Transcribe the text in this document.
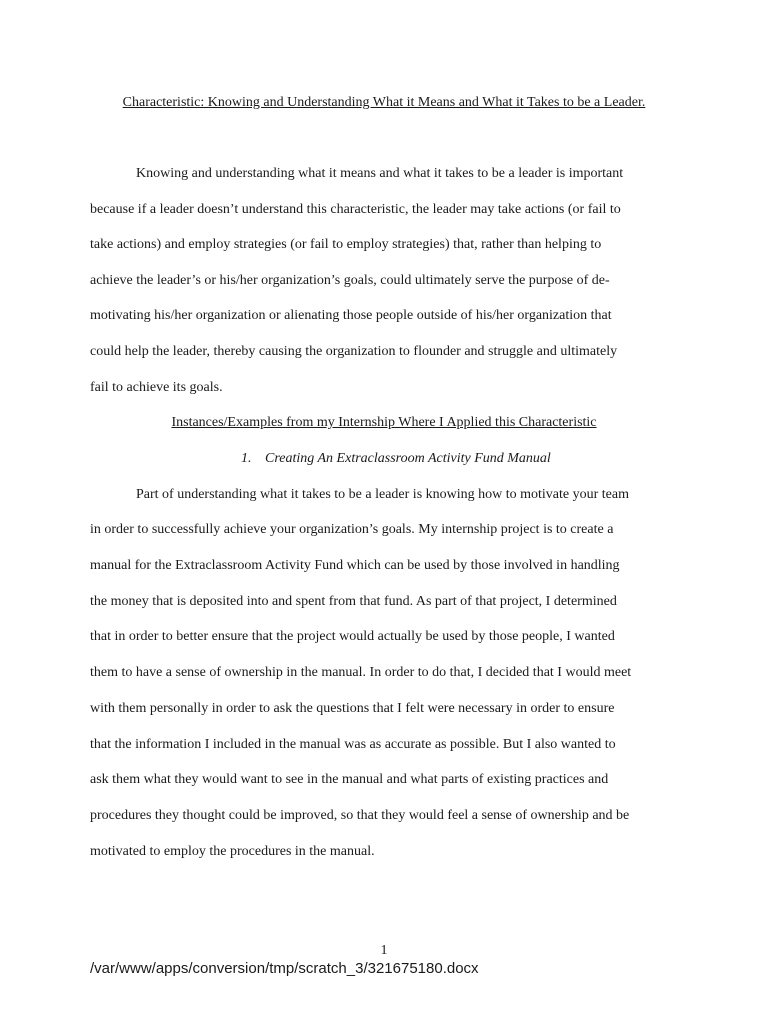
Characteristic: Knowing and Understanding What it Means and What it Takes to be a Leader.
Knowing and understanding what it means and what it takes to be a leader is important
because if a leader doesn’t understand this characteristic, the leader may take actions (or fail to
take actions) and employ strategies (or fail to employ strategies) that, rather than helping to
achieve the leader’s or his/her organization’s goals, could ultimately serve the purpose of de-
motivating his/her organization or alienating those people outside of his/her organization that
could help the leader, thereby causing the organization to flounder and struggle and ultimately
fail to achieve its goals.
Instances/Examples from my Internship Where I Applied this Characteristic
1. Creating An Extraclassroom Activity Fund Manual
Part of understanding what it takes to be a leader is knowing how to motivate your team
in order to successfully achieve your organization’s goals. My internship project is to create a
manual for the Extraclassroom Activity Fund which can be used by those involved in handling
the money that is deposited into and spent from that fund. As part of that project, I determined
that in order to better ensure that the project would actually be used by those people, I wanted
them to have a sense of ownership in the manual. In order to do that, I decided that I would meet
with them personally in order to ask the questions that I felt were necessary in order to ensure
that the information I included in the manual was as accurate as possible. But I also wanted to
ask them what they would want to see in the manual and what parts of existing practices and
procedures they thought could be improved, so that they would feel a sense of ownership and be
motivated to employ the procedures in the manual.
1
/var/www/apps/conversion/tmp/scratch_3/321675180.docx
